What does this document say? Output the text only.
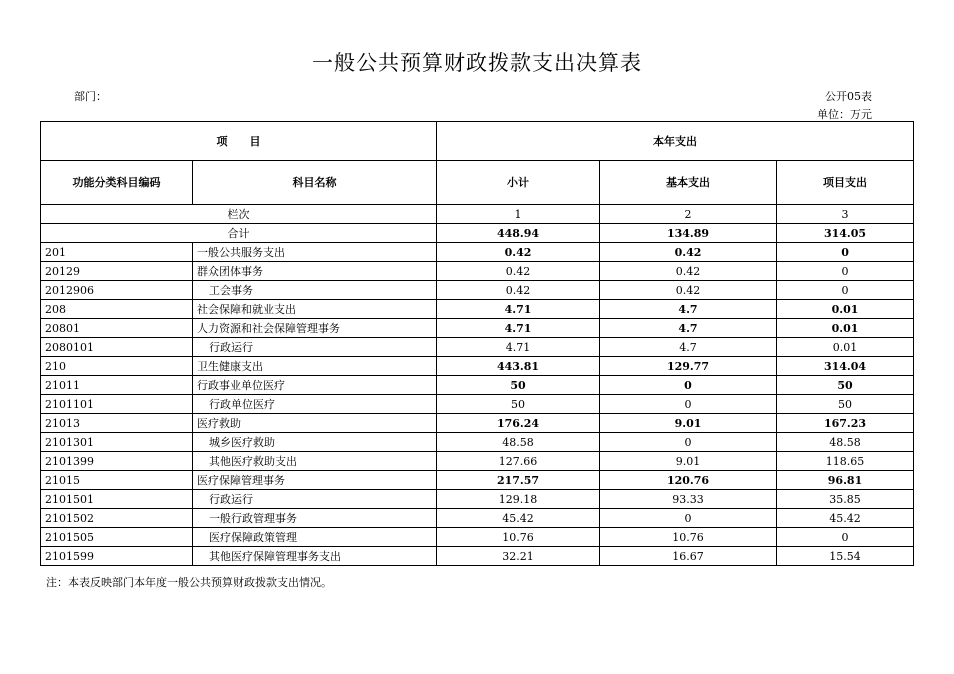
一般公共预算财政拨款支出决算表
部门：	公开05表
单位：万元
项　　目		本年支出		
功能分类科目编码	科目名称	小计	基本支出	项目支出
栏次		1	2	3
合计		448.94	134.89	314.05
201	一般公共服务支出	0.42	0.42	0
20129	群众团体事务	0.42	0.42	0
2012906	工会事务	0.42	0.42	0
208	社会保障和就业支出	4.71	4.7	0.01
20801	人力资源和社会保障管理事务	4.71	4.7	0.01
2080101	行政运行	4.71	4.7	0.01
210	卫生健康支出	443.81	129.77	314.04
21011	行政事业单位医疗	50	0	50
2101101	行政单位医疗	50	0	50
21013	医疗救助	176.24	9.01	167.23
2101301	城乡医疗救助	48.58	0	48.58
2101399	其他医疗救助支出	127.66	9.01	118.65
21015	医疗保障管理事务	217.57	120.76	96.81
2101501	行政运行	129.18	93.33	35.85
2101502	一般行政管理事务	45.42	0	45.42
2101505	医疗保障政策管理	10.76	10.76	0
2101599	其他医疗保障管理事务支出	32.21	16.67	15.54
注：本表反映部门本年度一般公共预算财政拨款支出情况。
